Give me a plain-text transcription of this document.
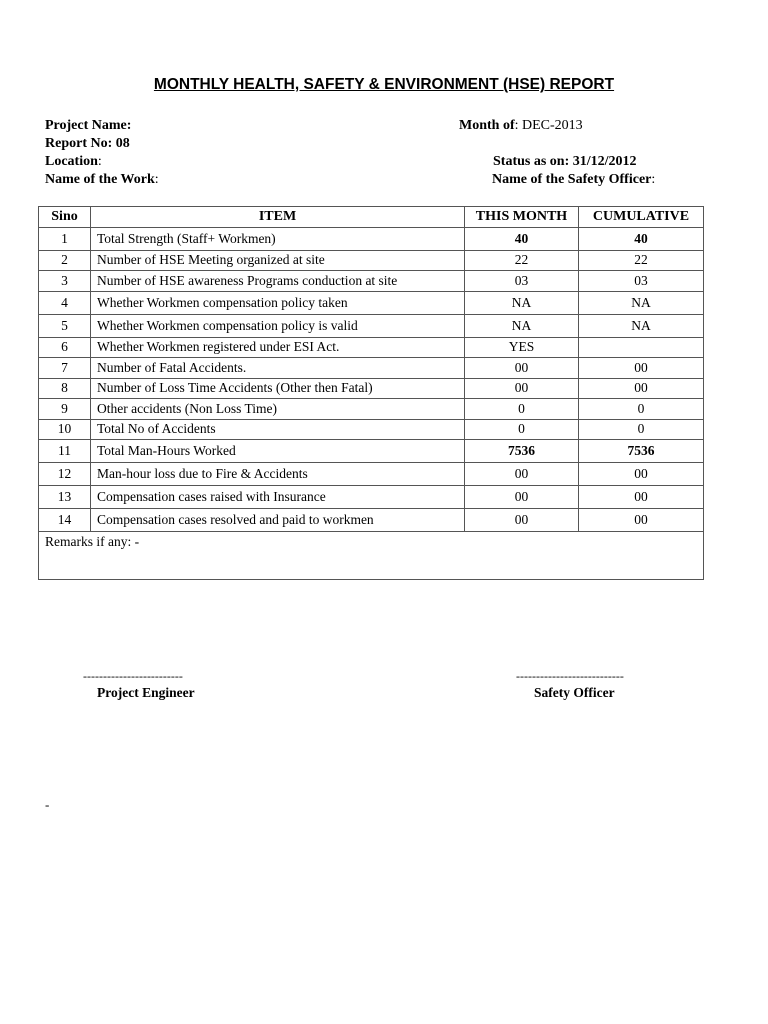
MONTHLY HEALTH, SAFETY & ENVIRONMENT (HSE) REPORT
Project Name:	Month of: DEC-2013
Report No: 08
Location:	Status as on: 31/12/2012
Name of the Work:	Name of the Safety Officer:
Sino	ITEM	THIS MONTH	CUMULATIVE
1	Total Strength (Staff+ Workmen)	40	40
2	Number of HSE Meeting organized at site	22	22
3	Number of HSE awareness Programs conduction at site	03	03
4	Whether Workmen compensation policy taken	NA	NA
5	Whether Workmen compensation policy is valid	NA	NA
6	Whether Workmen registered under ESI Act.	YES	
7	Number of Fatal Accidents.	00	00
8	Number of Loss Time Accidents (Other then Fatal)	00	00
9	Other accidents (Non Loss Time)	0	0
10	Total No of Accidents	0	0
11	Total Man-Hours Worked	7536	7536
12	Man-hour loss due to Fire & Accidents	00	00
13	Compensation cases raised with Insurance	00	00
14	Compensation cases resolved and paid to workmen	00	00
Remarks if any: -			
-------------------------
Project Engineer
---------------------------
Safety Officer
-
